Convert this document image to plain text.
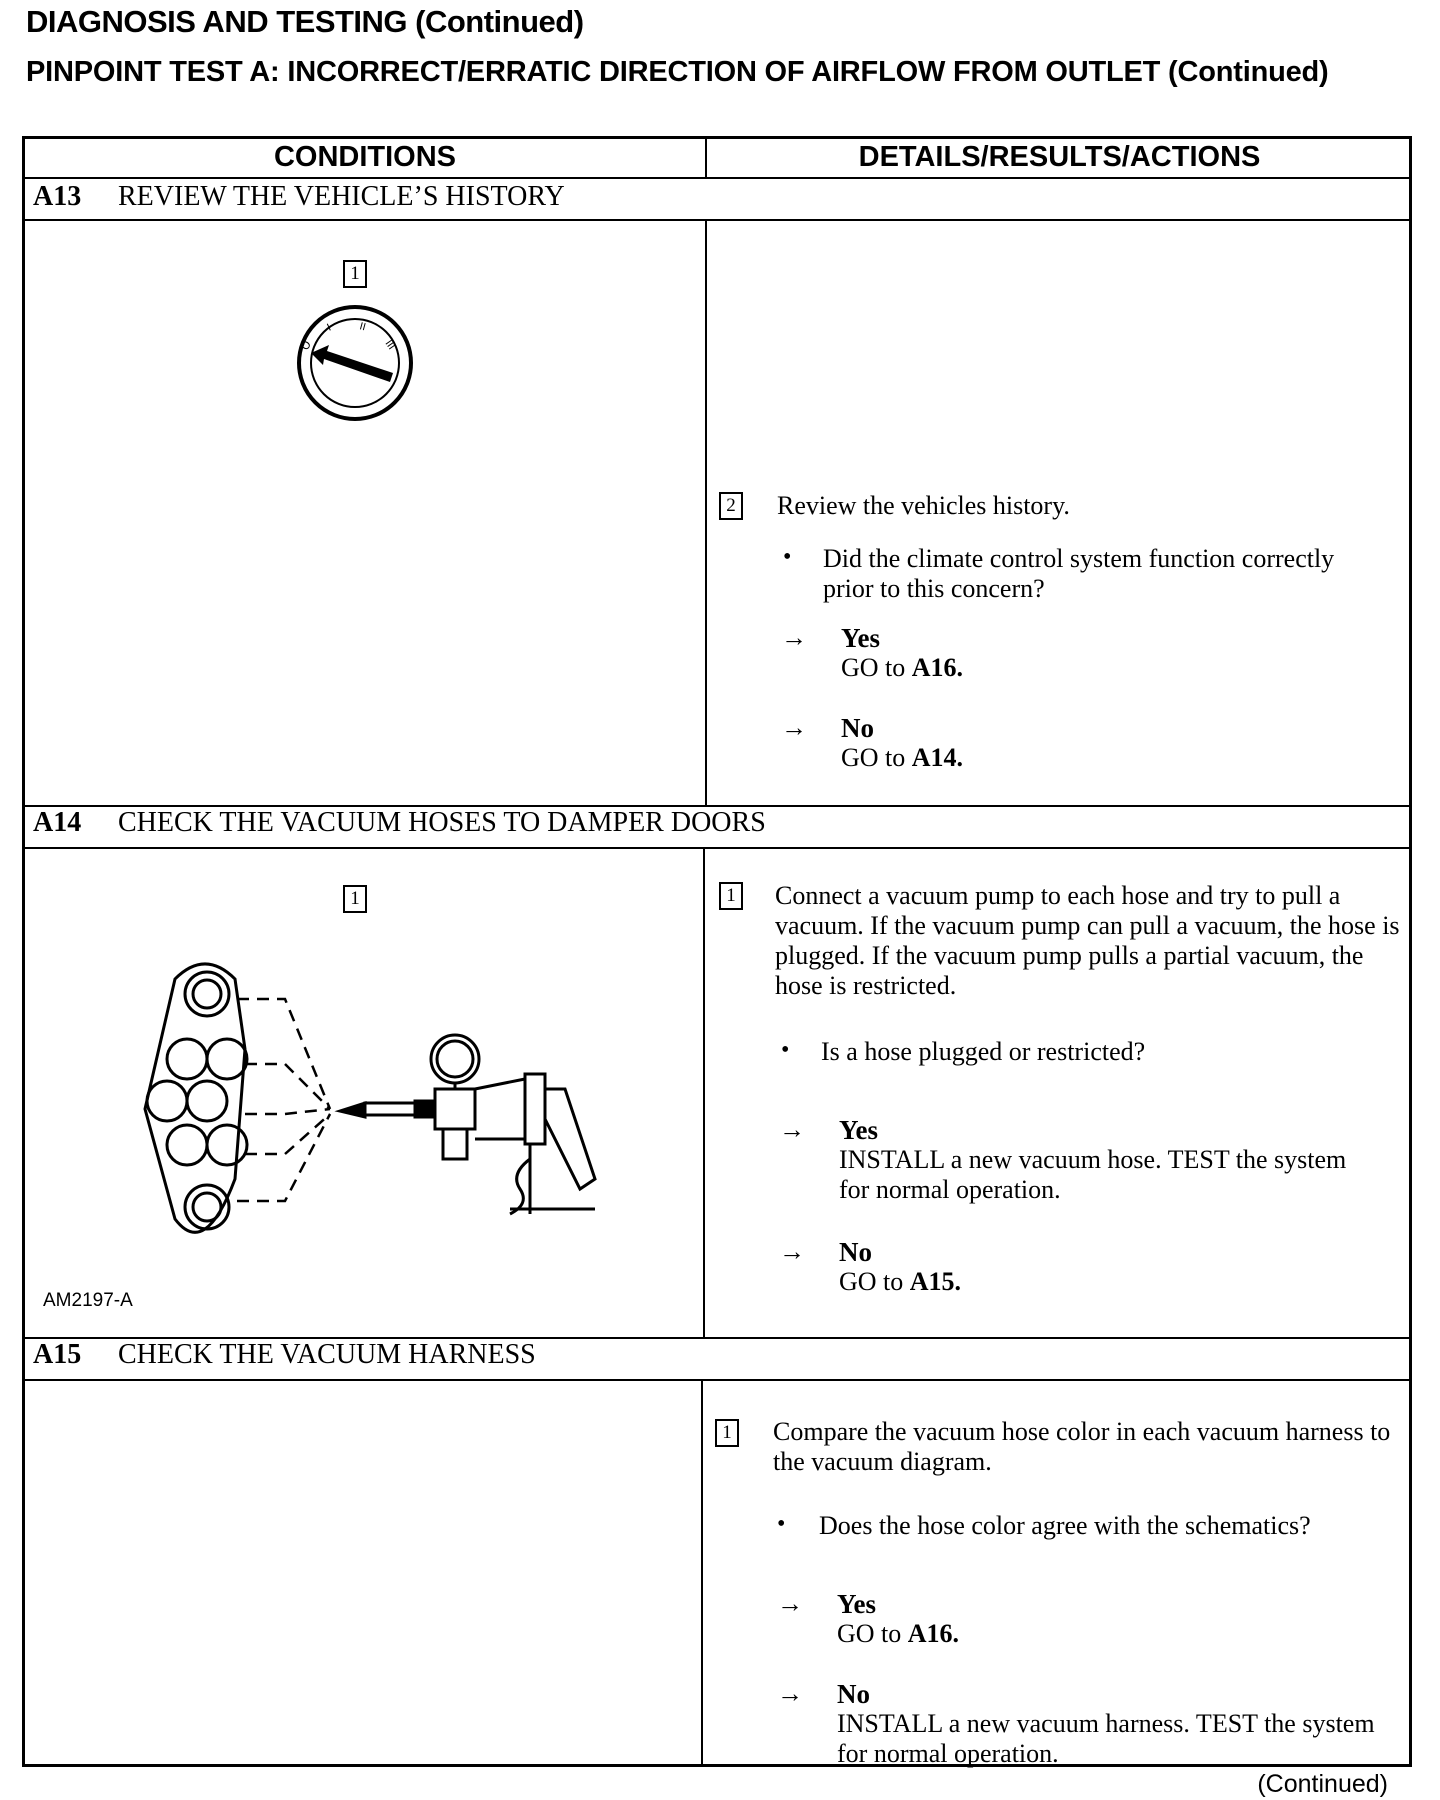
DIAGNOSIS AND TESTING (Continued)
PINPOINT TEST A: INCORRECT/ERRATIC DIRECTION OF AIRFLOW FROM OUTLET (Continued)
CONDITIONS	DETAILS/RESULTS/ACTIONS
A13 REVIEW THE VEHICLE’S HISTORY
1
O
I	II
III
2 Review the vehicles history.
• Did the climate control system function correctly prior to this concern?
→ Yes
GO to A16.
→ No
GO to A14.
A14 CHECK THE VACUUM HOSES TO DAMPER DOORS
1
AM2197-A
1 Connect a vacuum pump to each hose and try to pull a vacuum. If the vacuum pump can pull a vacuum, the hose is plugged. If the vacuum pump pulls a partial vacuum, the hose is restricted.
• Is a hose plugged or restricted?
→ Yes
INSTALL a new vacuum hose. TEST the system for normal operation.
→ No
GO to A15.
A15 CHECK THE VACUUM HARNESS
1 Compare the vacuum hose color in each vacuum harness to the vacuum diagram.
• Does the hose color agree with the schematics?
→ Yes
GO to A16.
→ No
INSTALL a new vacuum harness. TEST the system for normal operation.
(Continued)
